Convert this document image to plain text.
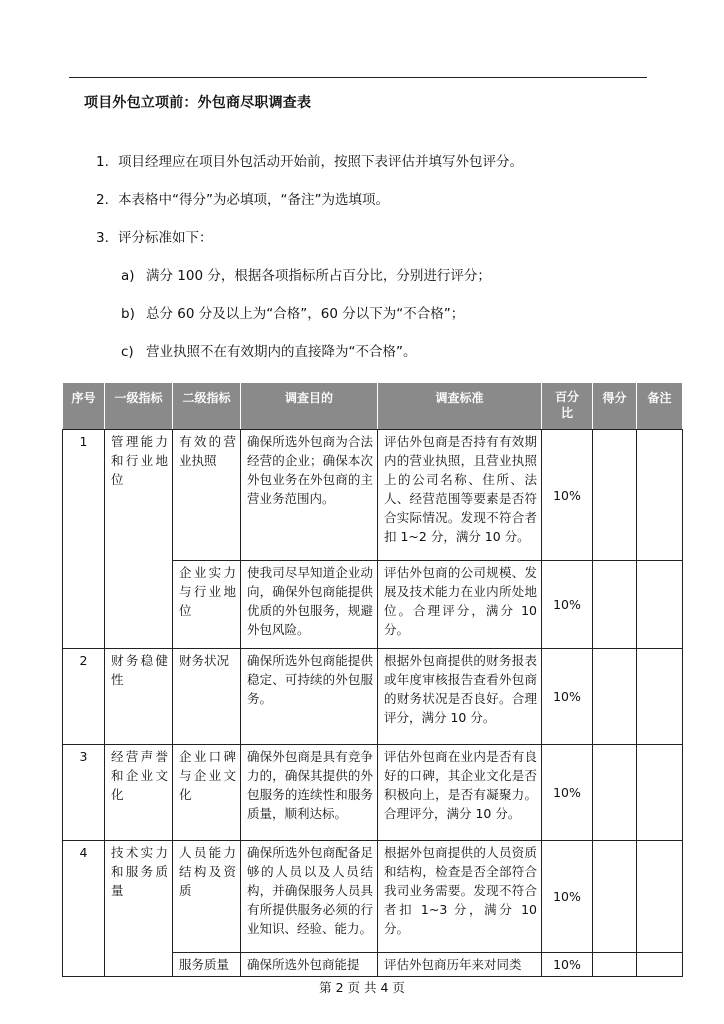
项目外包立项前：外包商尽职调查表
1. 项目经理应在项目外包活动开始前，按照下表评估并填写外包评分。
2. 本表格中“得分”为必填项，“备注”为选填项。
3. 评分标准如下：
a) 满分 100 分，根据各项指标所占百分比，分别进行评分；
b) 总分 60 分及以上为“合格”，60 分以下为“不合格”；
c) 营业执照不在有效期内的直接降为“不合格”。
序号	一级指标	二级指标	调查目的	调查标准	百分比	得分	备注
1	管理能力和行业地位	有效的营业执照	确保所选外包商为合法经营的企业；确保本次外包业务在外包商的主营业务范围内。	评估外包商是否持有有效期内的营业执照，且营业执照上的公司名称、住所、法人、经营范围等要素是否符合实际情况。发现不符合者扣 1~2 分，满分 10 分。	10%		
		企业实力与行业地位	使我司尽早知道企业动向，确保外包商能提供优质的外包服务，规避外包风险。	评估外包商的公司规模、发展及技术能力在业内所处地位。合理评分，满分 10 分。	10%		
2	财务稳健性	财务状况	确保所选外包商能提供稳定、可持续的外包服务。	根据外包商提供的财务报表或年度审核报告查看外包商的财务状况是否良好。合理评分，满分 10 分。	10%		
3	经营声誉和企业文化	企业口碑与企业文化	确保外包商是具有竞争力的，确保其提供的外包服务的连续性和服务质量，顺利达标。	评估外包商在业内是否有良好的口碑，其企业文化是否积极向上，是否有凝聚力。合理评分，满分 10 分。	10%		
4	技术实力和服务质量	人员能力结构及资质	确保所选外包商配备足够的人员以及人员结构，并确保服务人员具有所提供服务必须的行业知识、经验、能力。	根据外包商提供的人员资质和结构，检查是否全部符合我司业务需要。发现不符合者扣 1~3 分，满分 10 分。	10%		
		服务质量	确保所选外包商能提	评估外包商历年来对同类	10%		
第 2 页 共 4 页
